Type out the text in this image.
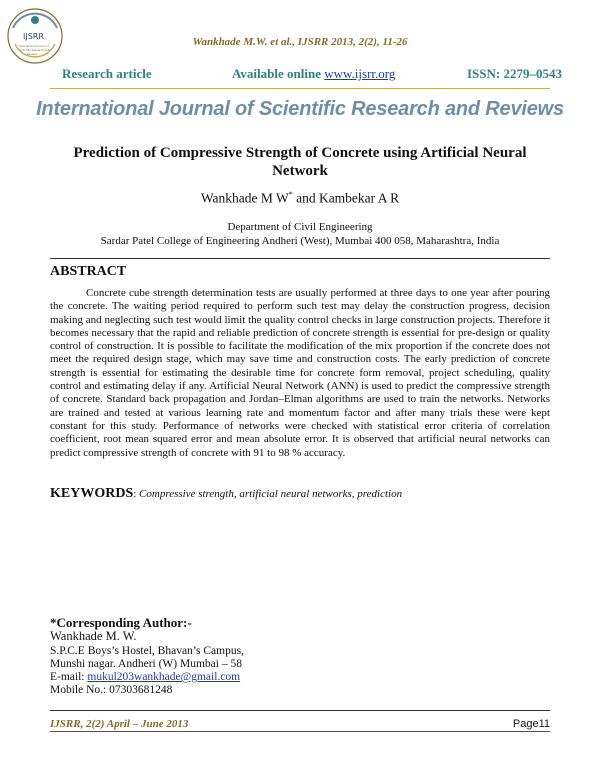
IJSRR
International Journal of
Scientific Research and
Reviews
Wankhade M.W. et al., IJSRR 2013, 2(2), 11-26
Research article	Available online www.ijsrr.org	ISSN: 2279–0543
International Journal of Scientific Research and Reviews
Prediction of Compressive Strength of Concrete using Artificial Neural Network
Wankhade M W* and Kambekar A R
Department of Civil Engineering
Sardar Patel College of Engineering Andheri (West), Mumbai 400 058, Maharashtra, India
ABSTRACT
Concrete cube strength determination tests are usually performed at three days to one year after pouring the concrete. The waiting period required to perform such test may delay the construction progress, decision making and neglecting such test would limit the quality control checks in large construction projects. Therefore it becomes necessary that the rapid and reliable prediction of concrete strength is essential for pre-design or quality control of construction. It is possible to facilitate the modification of the mix proportion if the concrete does not meet the required design stage, which may save time and construction costs. The early prediction of concrete strength is essential for estimating the desirable time for concrete form removal, project scheduling, quality control and estimating delay if any. Artificial Neural Network (ANN) is used to predict the compressive strength of concrete. Standard back propagation and Jordan–Elman algorithms are used to train the networks. Networks are trained and tested at various learning rate and momentum factor and after many trials these were kept constant for this study. Performance of networks were checked with statistical error criteria of correlation coefficient, root mean squared error and mean absolute error. It is observed that artificial neural networks can predict compressive strength of concrete with 91 to 98 % accuracy.
KEYWORDS: Compressive strength, artificial neural networks, prediction
*Corresponding Author:-
Wankhade M. W.
S.P.C.E Boys’s Hostel, Bhavan’s Campus,
Munshi nagar. Andheri (W) Mumbai – 58
E-mail: mukul203wankhade@gmail.com
Mobile No.: 07303681248
IJSRR, 2(2) April – June 2013	Page11
